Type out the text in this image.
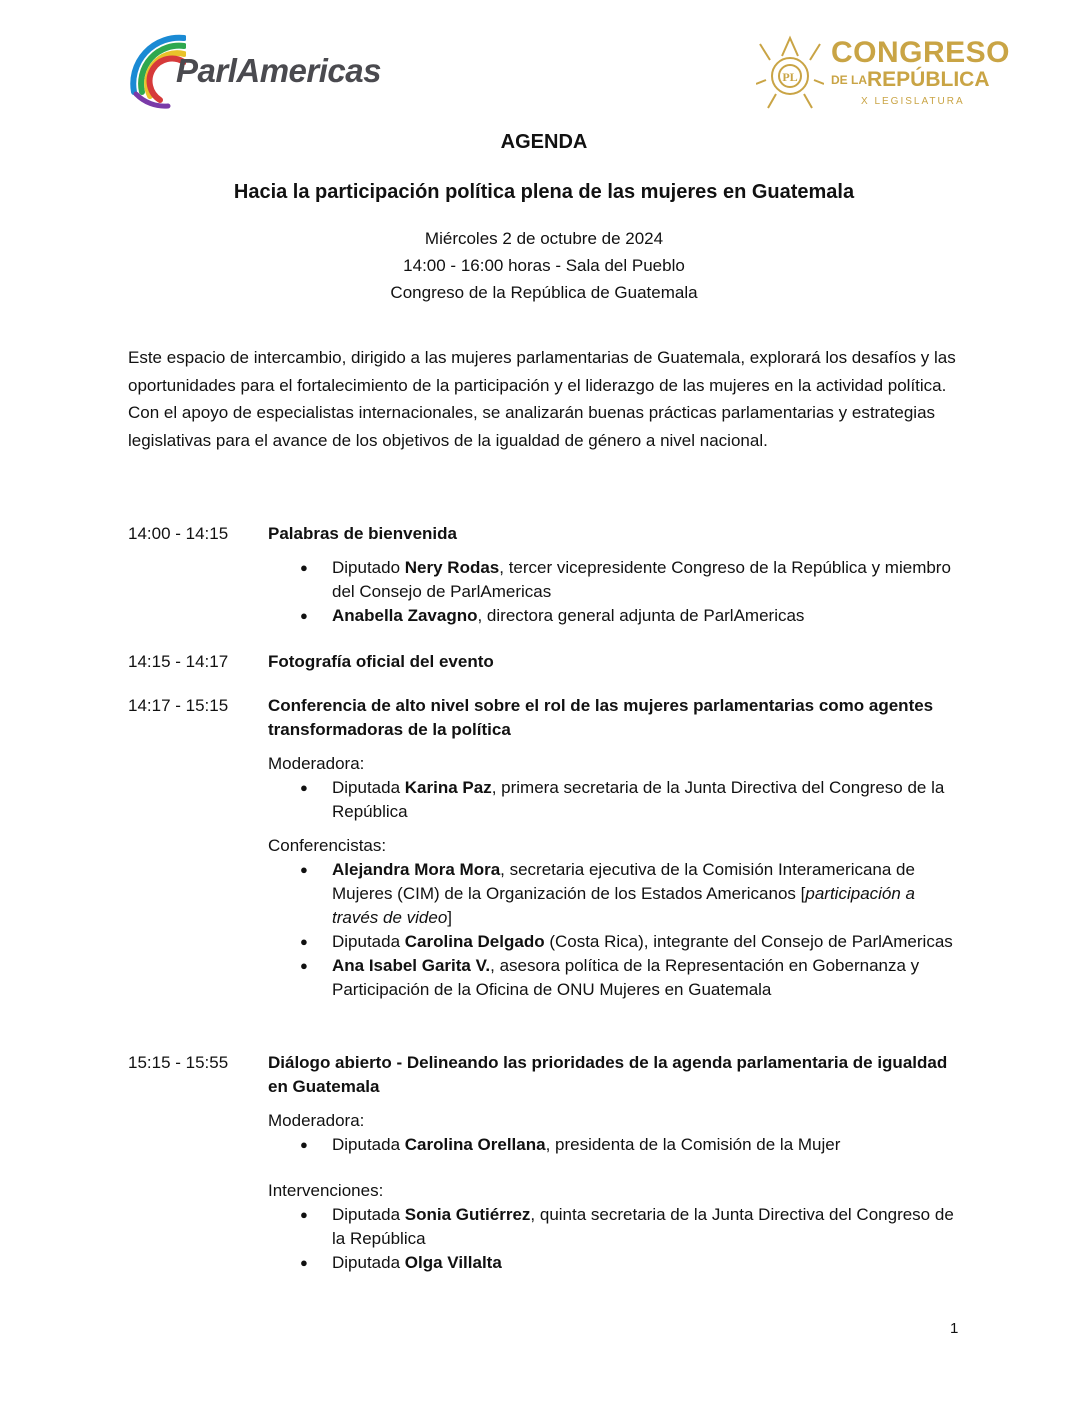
ParlAmericas	PL
CONGRESO
DE LAREPÚBLICA
X LEGISLATURA
AGENDA
Hacia la participación política plena de las mujeres en Guatemala
Miércoles 2 de octubre de 2024
14:00 - 16:00 horas - Sala del Pueblo
Congreso de la República de Guatemala
Este espacio de intercambio, dirigido a las mujeres parlamentarias de Guatemala, explorará los desafíos y las oportunidades para el fortalecimiento de la participación y el liderazgo de las mujeres en la actividad política. Con el apoyo de especialistas internacionales, se analizarán buenas prácticas parlamentarias y estrategias legislativas para el avance de los objetivos de la igualdad de género a nivel nacional.
14:00 - 14:15	Palabras de bienvenida
● Diputado Nery Rodas, tercer vicepresidente Congreso de la República y miembro del Consejo de ParlAmericas
● Anabella Zavagno, directora general adjunta de ParlAmericas
14:15 - 14:17	Fotografía oficial del evento
14:17 - 15:15	Conferencia de alto nivel sobre el rol de las mujeres parlamentarias como agentes transformadoras de la política
Moderadora:
● Diputada Karina Paz, primera secretaria de la Junta Directiva del Congreso de la República
Conferencistas:
● Alejandra Mora Mora, secretaria ejecutiva de la Comisión Interamericana de Mujeres (CIM) de la Organización de los Estados Americanos [participación a través de video]
● Diputada Carolina Delgado (Costa Rica), integrante del Consejo de ParlAmericas
● Ana Isabel Garita V., asesora política de la Representación en Gobernanza y Participación de la Oficina de ONU Mujeres en Guatemala
15:15 - 15:55	Diálogo abierto - Delineando las prioridades de la agenda parlamentaria de igualdad en Guatemala
Moderadora:
● Diputada Carolina Orellana, presidenta de la Comisión de la Mujer
Intervenciones:
● Diputada Sonia Gutiérrez, quinta secretaria de la Junta Directiva del Congreso de la República
● Diputada Olga Villalta
1
